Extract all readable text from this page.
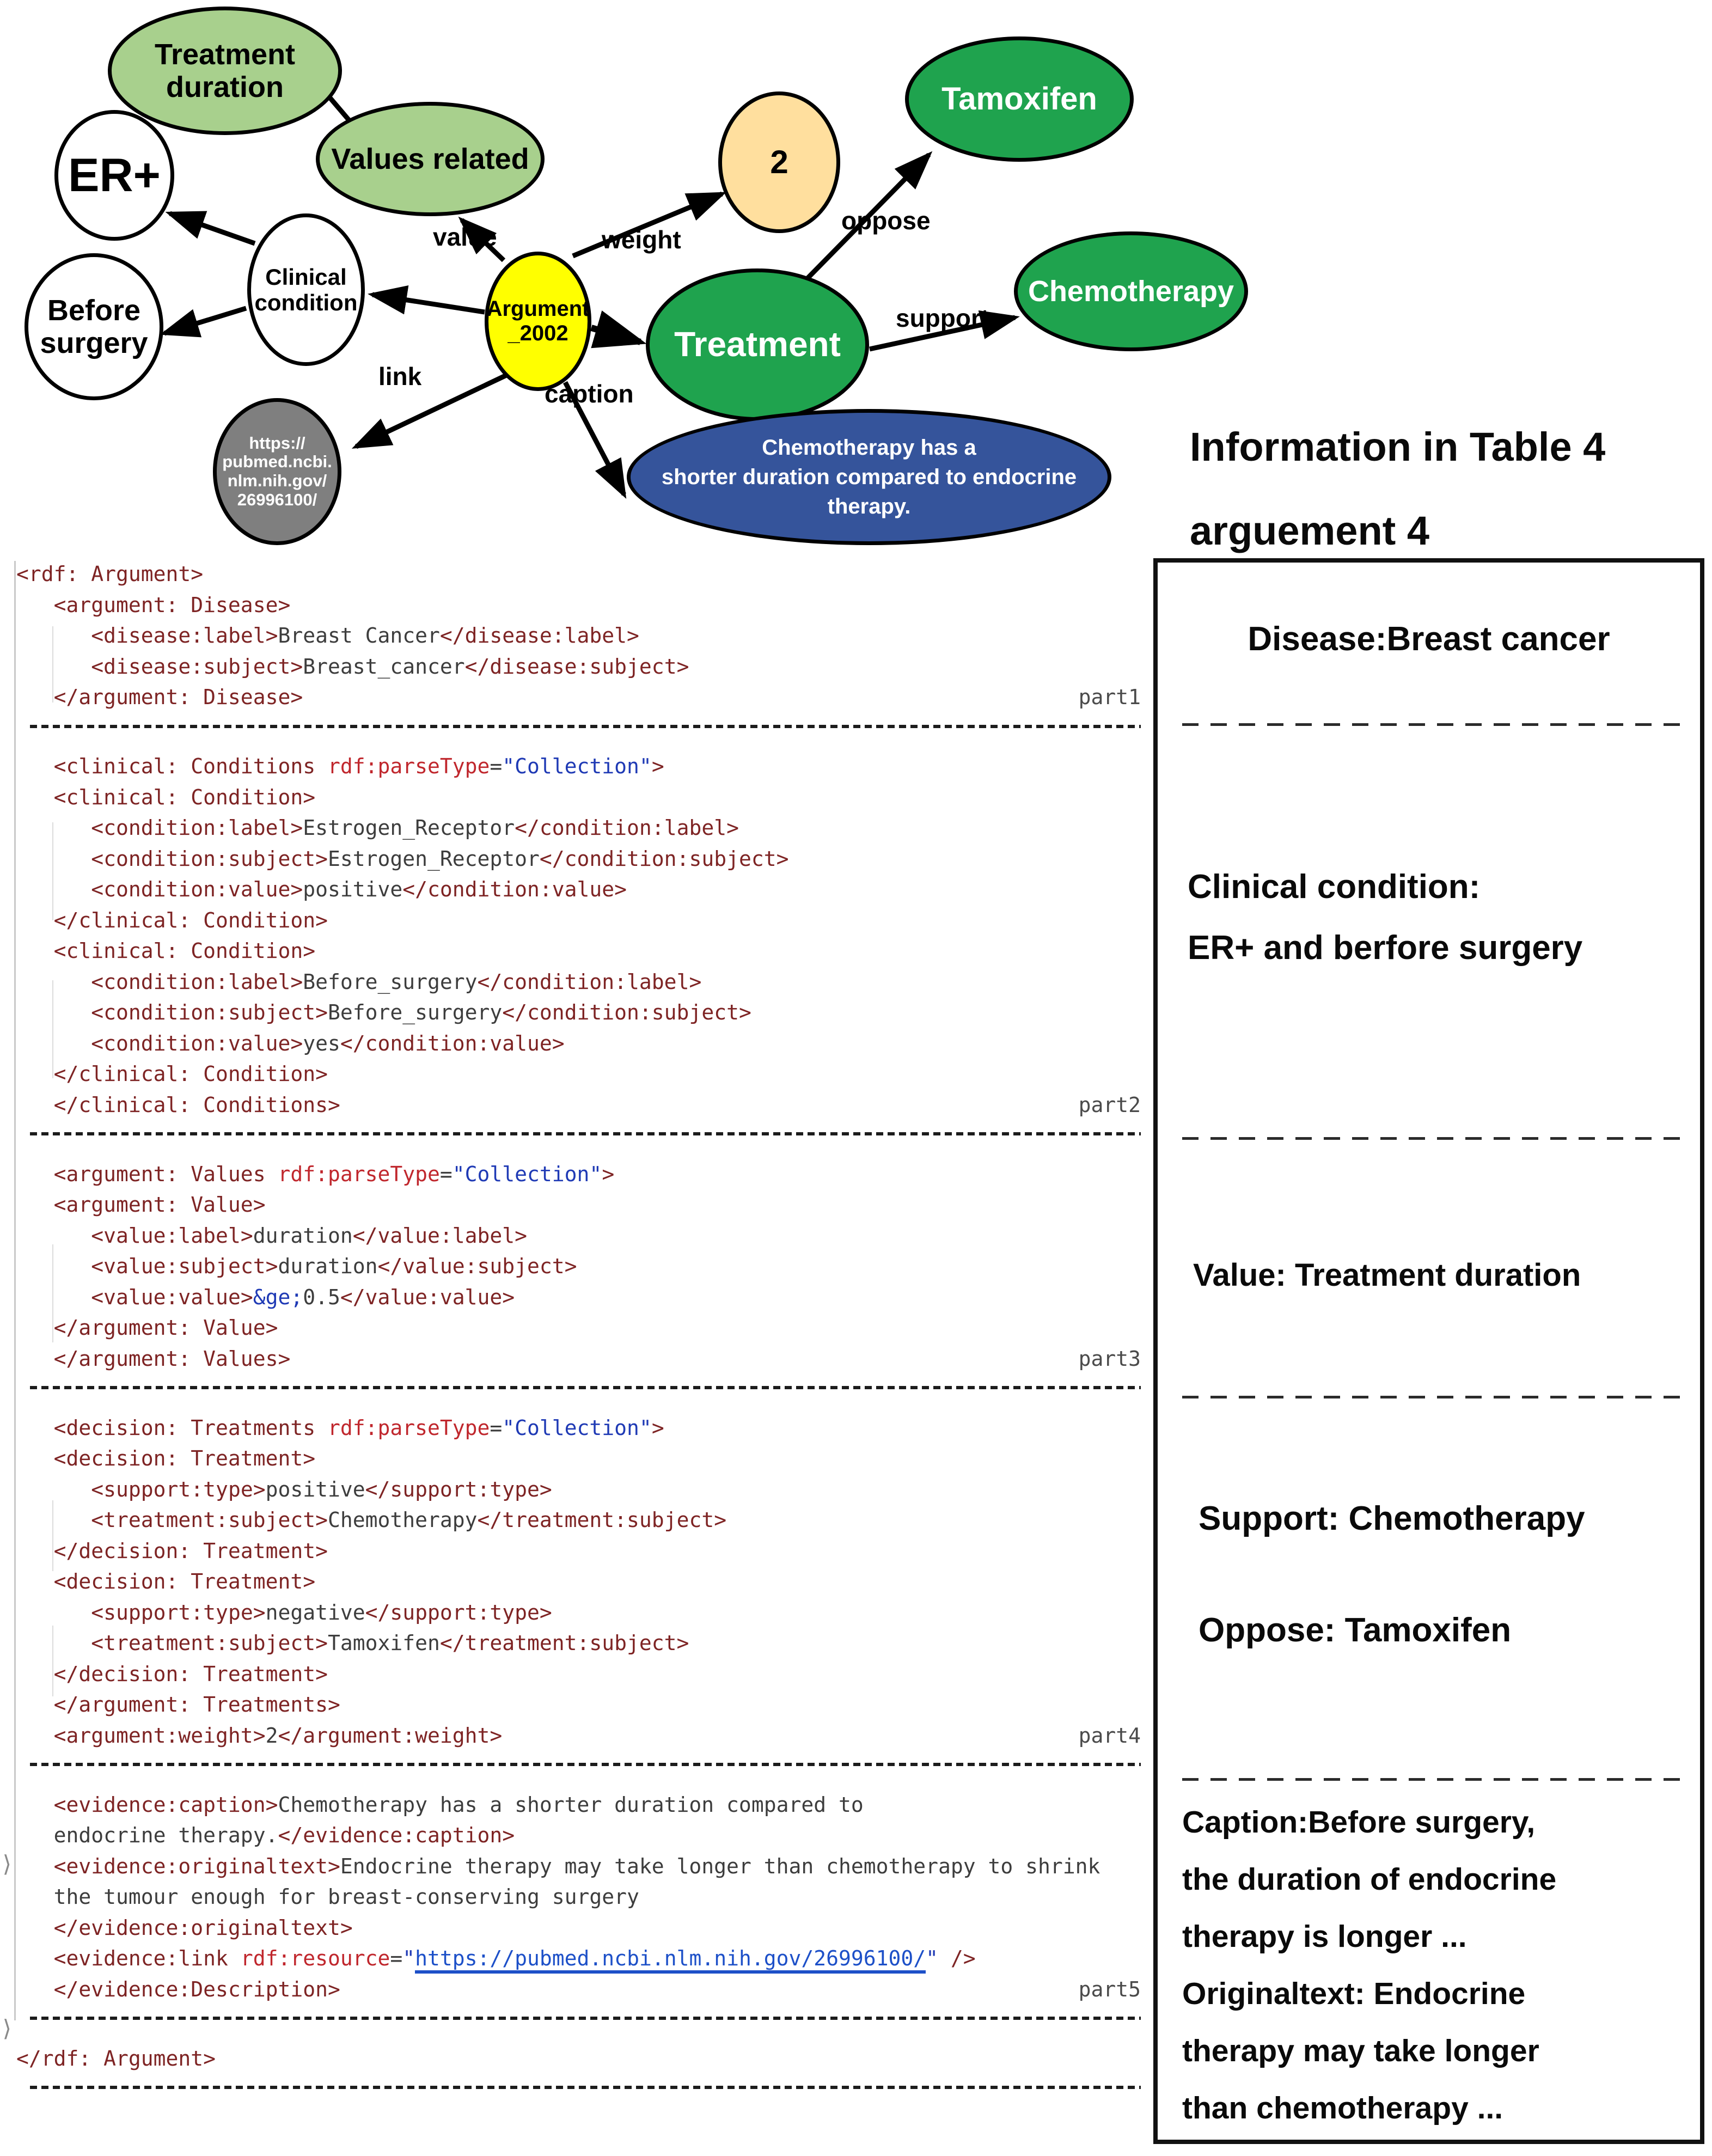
Treatment
duration
ER+	Values related	2
Tamoxifen
Chemotherapy
Before
surgery
Clinical
condition	Argument
_2002	Treatment
https://
pubmed.ncbi.
nlm.nih.gov/
26996100/
Chemotherapy has a
shorter duration compared to endocrine
therapy.
value	weight
oppose
support
link
caption
Information in Table 4
arguement 4
⟩
⟩
<rdf: Argument>
<argument: Disease>
<disease:label>Breast Cancer</disease:label>
<disease:subject>Breast_cancer</disease:subject>
</argument: Disease>	part1
<clinical: Conditions rdf:parseType="Collection">
<clinical: Condition>
<condition:label>Estrogen_Receptor</condition:label>
<condition:subject>Estrogen_Receptor</condition:subject>
<condition:value>positive</condition:value>
</clinical: Condition>
<clinical: Condition>
<condition:label>Before_surgery</condition:label>
<condition:subject>Before_surgery</condition:subject>
<condition:value>yes</condition:value>
</clinical: Condition>
</clinical: Conditions>	part2
<argument: Values rdf:parseType="Collection">
<argument: Value>
<value:label>duration</value:label>
<value:subject>duration</value:subject>
<value:value>&ge;0.5</value:value>
</argument: Value>
</argument: Values>	part3
<decision: Treatments rdf:parseType="Collection">
<decision: Treatment>
<support:type>positive</support:type>
<treatment:subject>Chemotherapy</treatment:subject>
</decision: Treatment>
<decision: Treatment>
<support:type>negative</support:type>
<treatment:subject>Tamoxifen</treatment:subject>
</decision: Treatment>
</argument: Treatments>
<argument:weight>2</argument:weight>	part4
<evidence:caption>Chemotherapy has a shorter duration compared to
endocrine therapy.</evidence:caption>
<evidence:originaltext>Endocrine therapy may take longer than chemotherapy to shrink
the tumour enough for breast-conserving surgery
</evidence:originaltext>
<evidence:link rdf:resource="https://pubmed.ncbi.nlm.nih.gov/26996100/" />
</evidence:Description>	part5
</rdf: Argument>
Disease:Breast cancer
Clinical condition:
ER+ and berfore surgery
Value: Treatment duration
Support: Chemotherapy
Oppose: Tamoxifen
Caption:Before surgery,
the duration of endocrine
therapy is longer ...
Originaltext: Endocrine
therapy may take longer
than chemotherapy ...
